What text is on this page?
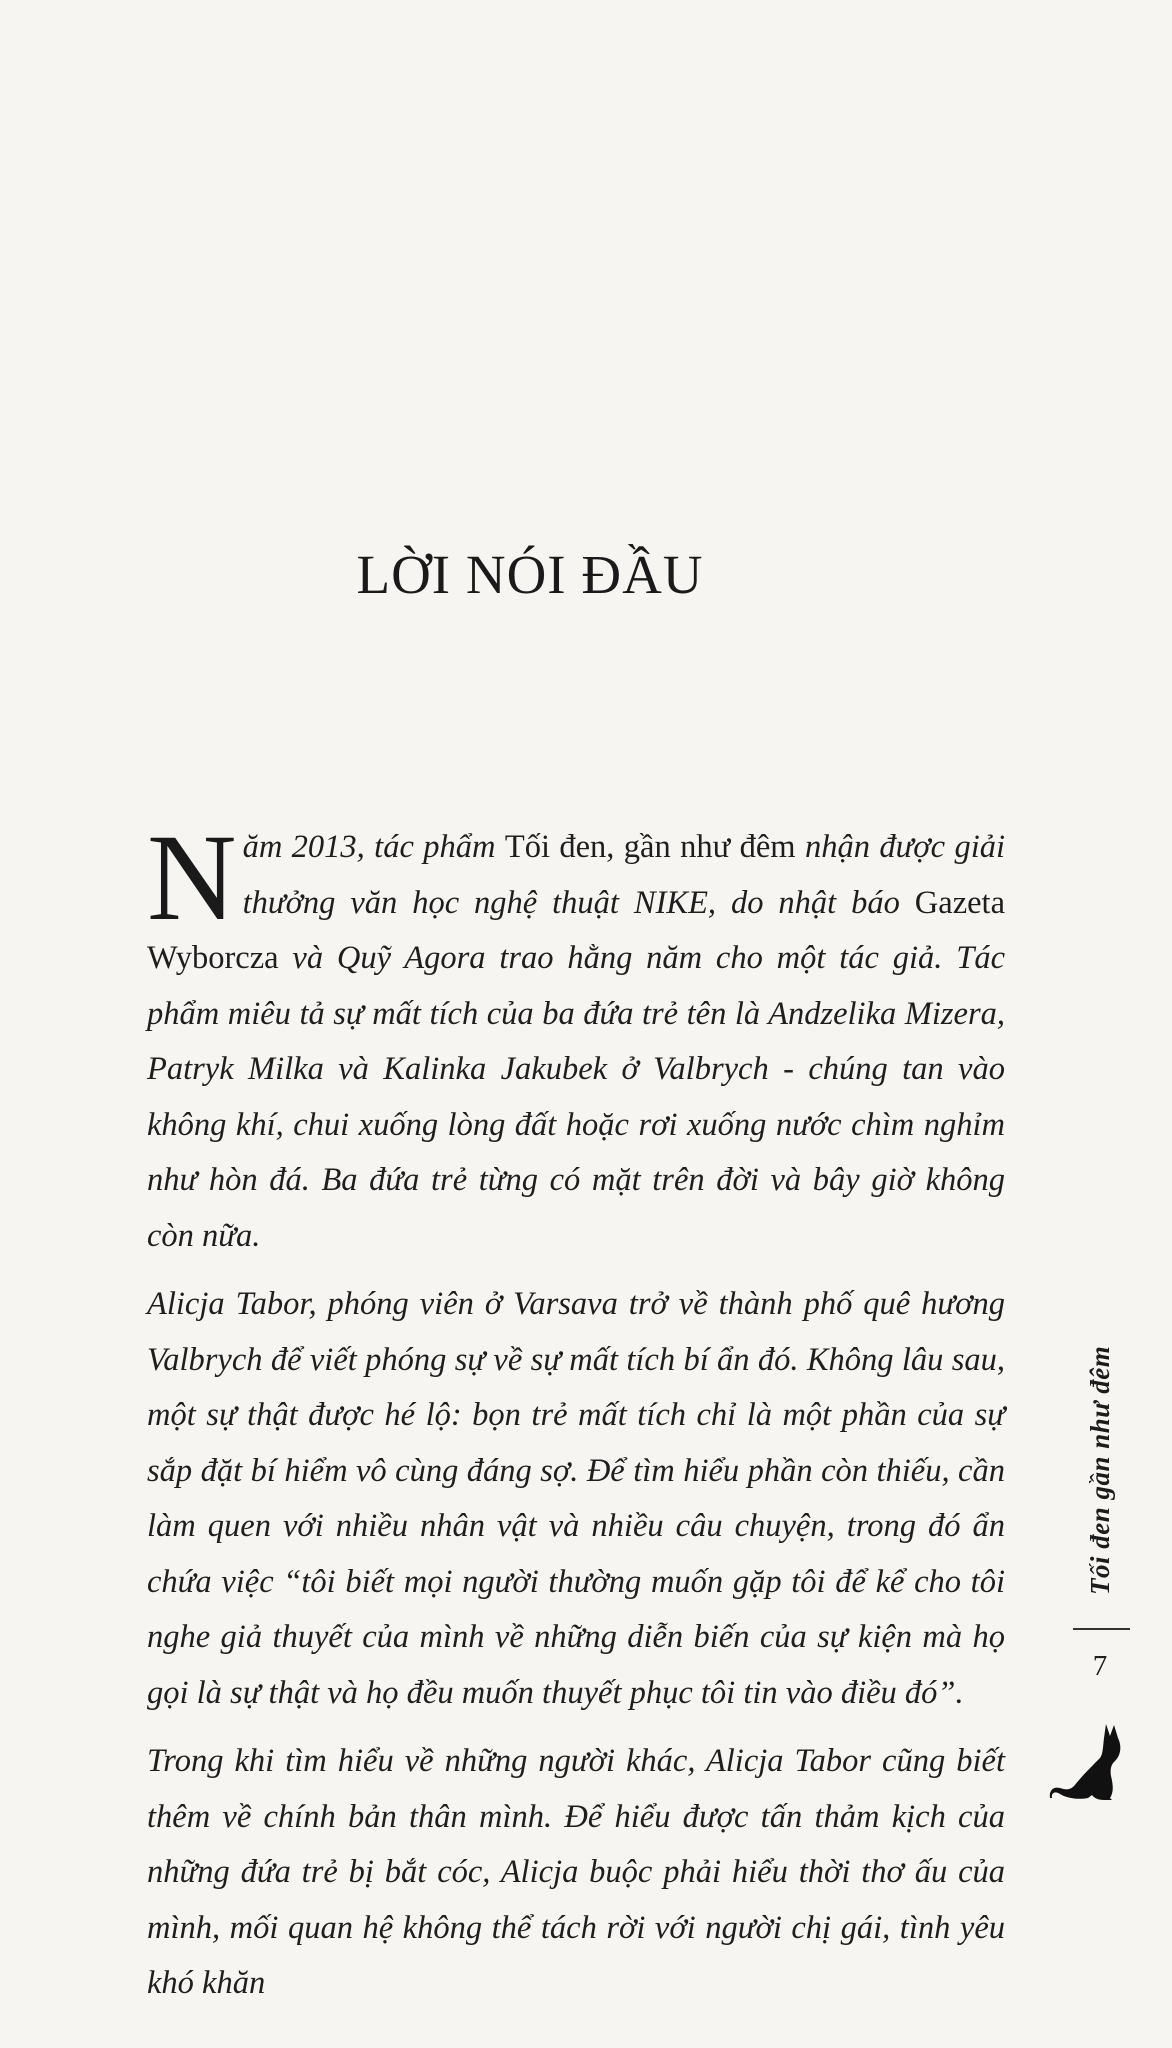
LỜI NÓI ĐẦU

Năm 2013, tác phẩm Tối đen, gần như đêm nhận được giải thưởng văn học nghệ thuật NIKE, do nhật báo Gazeta Wyborcza và Quỹ Agora trao hằng năm cho một tác giả. Tác phẩm miêu tả sự mất tích của ba đứa trẻ tên là Andzelika Mizera, Patryk Milka và Kalinka Jakubek ở Valbrych - chúng tan vào không khí, chui xuống lòng đất hoặc rơi xuống nước chìm nghỉm như hòn đá. Ba đứa trẻ từng có mặt trên đời và bây giờ không còn nữa.

Alicja Tabor, phóng viên ở Varsava trở về thành phố quê hương Valbrych để viết phóng sự về sự mất tích bí ẩn đó. Không lâu sau, một sự thật được hé lộ: bọn trẻ mất tích chỉ là một phần của sự sắp đặt bí hiểm vô cùng đáng sợ. Để tìm hiểu phần còn thiếu, cần làm quen với nhiều nhân vật và nhiều câu chuyện, trong đó ẩn chứa việc “tôi biết mọi người thường muốn gặp tôi để kể cho tôi nghe giả thuyết của mình về những diễn biến của sự kiện mà họ gọi là sự thật và họ đều muốn thuyết phục tôi tin vào điều đó”.

Trong khi tìm hiểu về những người khác, Alicja Tabor cũng biết thêm về chính bản thân mình. Để hiểu được tấn thảm kịch của những đứa trẻ bị bắt cóc, Alicja buộc phải hiểu thời thơ ấu của mình, mối quan hệ không thể tách rời với người chị gái, tình yêu khó khăn

Tối đen gần như đêm
7
